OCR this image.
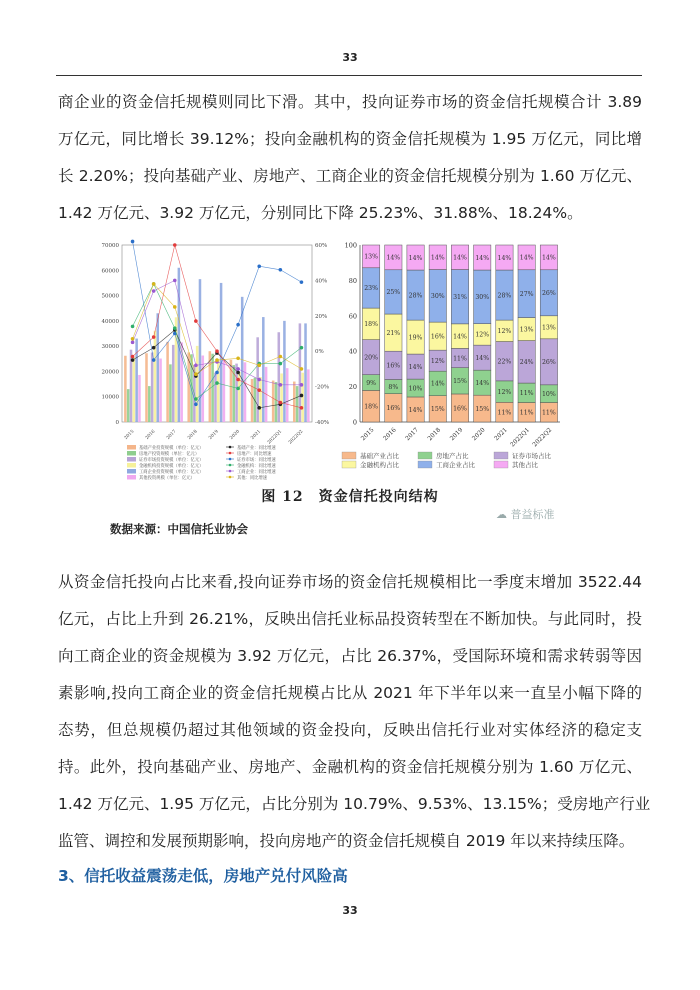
33
商企业的资金信托规模则同比下滑。其中，投向证券市场的资金信托规模合计 3.89
万亿元，同比增长 39.12%；投向金融机构的资金信托规模为 1.95 万亿元，同比增
长 2.20%；投向基础产业、房地产、工商企业的资金信托规模分别为 1.60 万亿元、
1.42 万亿元、3.92 万亿元，分别同比下降 25.23%、31.88%、18.24%。
0
10000
20000
30000
40000
50000
60000
70000
-40%
-20%
0%
20%
40%
60%
2015 2016 2017 2018 2019 2020 2021 2022Q1 2022Q2
基础产业投资规模（单位：亿元）
房地产投资规模（单位：亿元）
证券市场投资规模（单位：亿元）
金融机构投资规模（单位：亿元）
工商企业投资规模（单位：亿元）
其他投资规模（单位：亿元）
基础产业：同比增速
房地产：同比增速
证券市场：同比增速
金融机构：同比增速
工商企业：同比增速
其他：同比增速
0
20
40
60
80
100
18%
9%
20%
18%
23%
13%
2015
16%
8%
16%
21%
25%
14%
2016
14%
10%
14%
19%
28%
14%
2017
15%
14%
12%
16%
30%
14%
2018
16%
15%
11%
14%
31%
14%
2019
15%
14%
14%
12%
30%
14%
2020
11%
12%
22%
12%
28%
14%
2021
11%
11%
24%
13%
27%
14%
2022Q1
11%
10%
26%
13%
26%
14%
2022Q2
基础产业占比	房地产占比	证券市场占比
金融机构占比	工商企业占比	其他占比
图 12　资金信托投向结构
☁ 普益标准
数据来源：中国信托业协会
从资金信托投向占比来看,投向证券市场的资金信托规模相比一季度末增加 3522.44
亿元，占比上升到 26.21%，反映出信托业标品投资转型在不断加快。与此同时，投
向工商企业的资金规模为 3.92 万亿元，占比 26.37%，受国际环境和需求转弱等因
素影响,投向工商企业的资金信托规模占比从 2021 年下半年以来一直呈小幅下降的
态势，但总规模仍超过其他领域的资金投向，反映出信托行业对实体经济的稳定支
持。此外，投向基础产业、房地产、金融机构的资金信托规模分别为 1.60 万亿元、
1.42 万亿元、1.95 万亿元，占比分别为 10.79%、9.53%、13.15%；受房地产行业
监管、调控和发展预期影响，投向房地产的资金信托规模自 2019 年以来持续压降。
3、信托收益震荡走低，房地产兑付风险高
33
